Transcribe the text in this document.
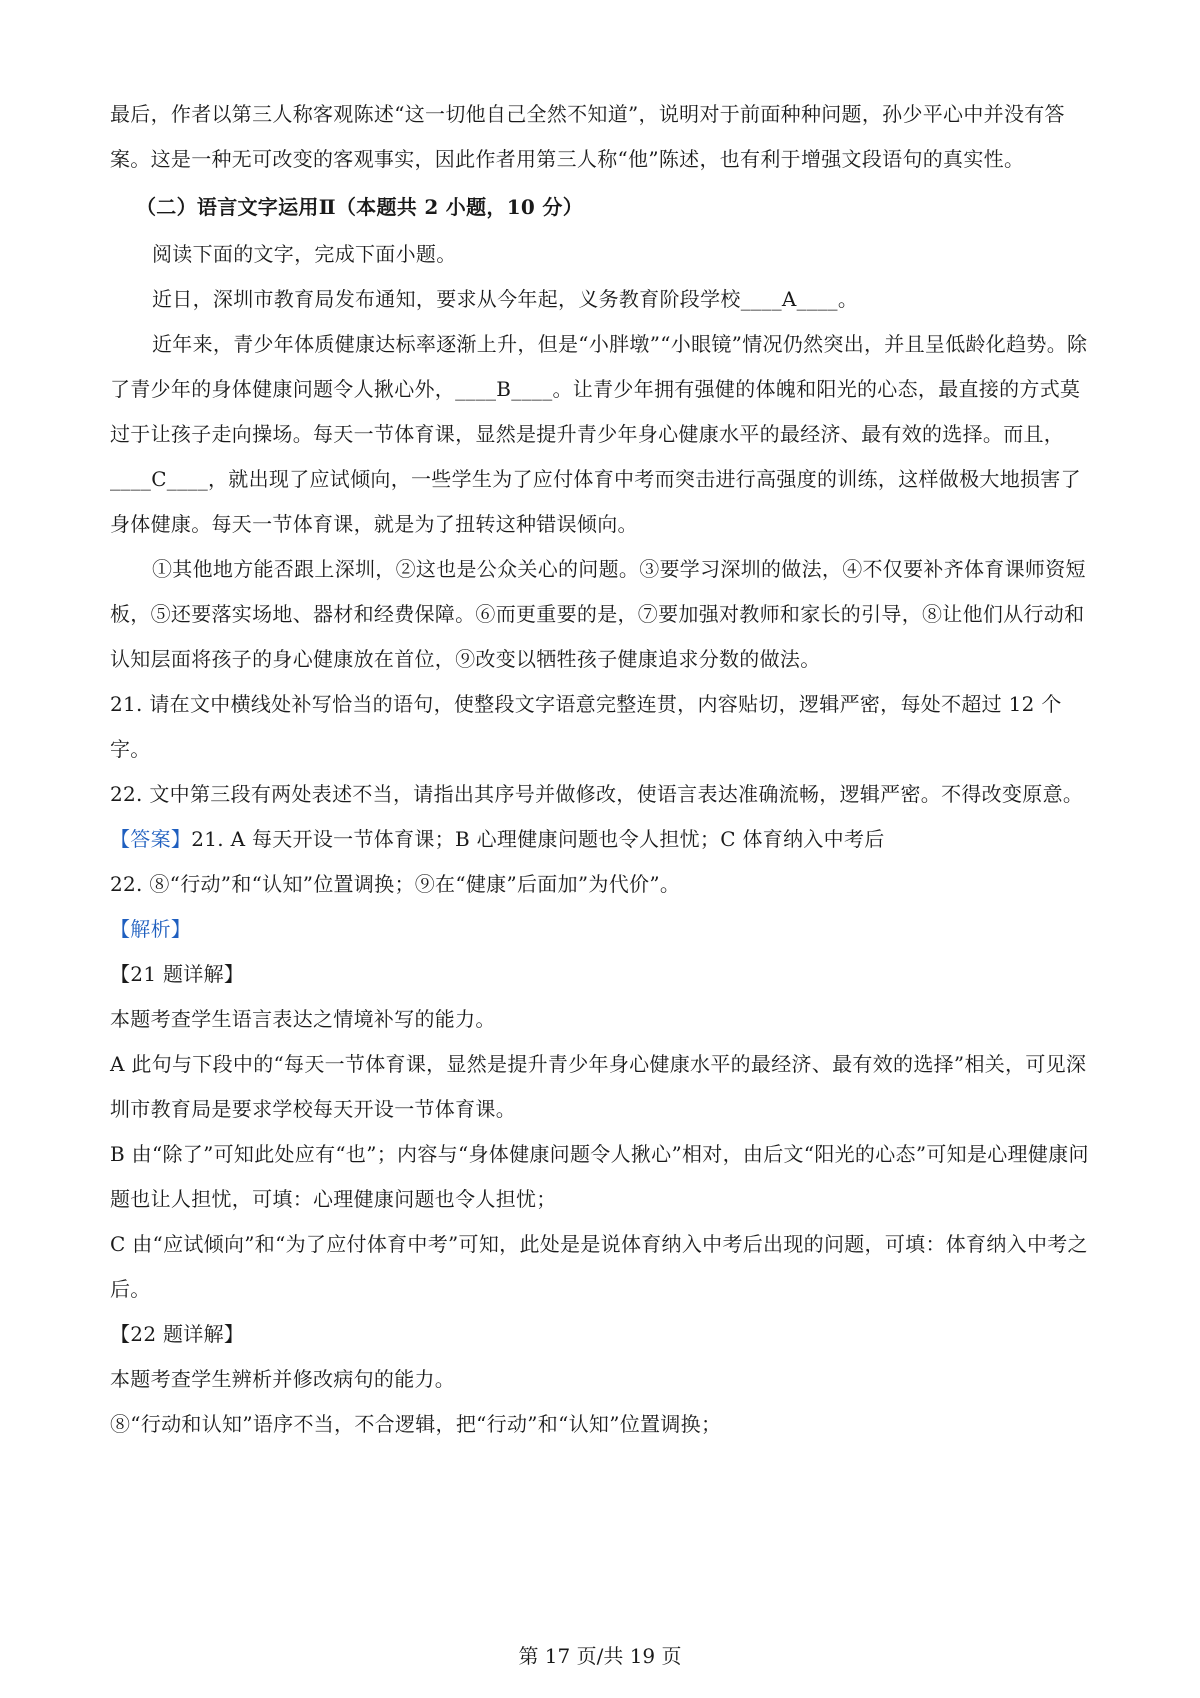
最后，作者以第三人称客观陈述“这一切他自己全然不知道”，说明对于前面种种问题，孙少平心中并没有答案。这是一种无可改变的客观事实，因此作者用第三人称“他”陈述，也有利于增强文段语句的真实性。

（二）语言文字运用Ⅱ（本题共 2 小题，10 分）

阅读下面的文字，完成下面小题。

近日，深圳市教育局发布通知，要求从今年起，义务教育阶段学校____A____。

近年来，青少年体质健康达标率逐渐上升，但是“小胖墩”“小眼镜”情况仍然突出，并且呈低龄化趋势。除了青少年的身体健康问题令人揪心外，____B____。让青少年拥有强健的体魄和阳光的心态，最直接的方式莫过于让孩子走向操场。每天一节体育课，显然是提升青少年身心健康水平的最经济、最有效的选择。而且，____C____，就出现了应试倾向，一些学生为了应付体育中考而突击进行高强度的训练，这样做极大地损害了身体健康。每天一节体育课，就是为了扭转这种错误倾向。

①其他地方能否跟上深圳，②这也是公众关心的问题。③要学习深圳的做法，④不仅要补齐体育课师资短板，⑤还要落实场地、器材和经费保障。⑥而更重要的是，⑦要加强对教师和家长的引导，⑧让他们从行动和认知层面将孩子的身心健康放在首位，⑨改变以牺牲孩子健康追求分数的做法。

21. 请在文中横线处补写恰当的语句，使整段文字语意完整连贯，内容贴切，逻辑严密，每处不超过 12 个字。

22. 文中第三段有两处表述不当，请指出其序号并做修改，使语言表达准确流畅，逻辑严密。不得改变原意。

【答案】21. A 每天开设一节体育课；B 心理健康问题也令人担忧；C 体育纳入中考后

22. ⑧“行动”和“认知”位置调换；⑨在“健康”后面加”为代价”。

【解析】

【21 题详解】

本题考查学生语言表达之情境补写的能力。

A 此句与下段中的“每天一节体育课，显然是提升青少年身心健康水平的最经济、最有效的选择”相关，可见深圳市教育局是要求学校每天开设一节体育课。

B 由“除了”可知此处应有“也”；内容与“身体健康问题令人揪心”相对，由后文“阳光的心态”可知是心理健康问题也让人担忧，可填：心理健康问题也令人担忧；

C 由“应试倾向”和“为了应付体育中考”可知，此处是是说体育纳入中考后出现的问题，可填：体育纳入中考之后。

【22 题详解】

本题考查学生辨析并修改病句的能力。

⑧“行动和认知”语序不当，不合逻辑，把“行动”和“认知”位置调换；

第 17 页/共 19 页
